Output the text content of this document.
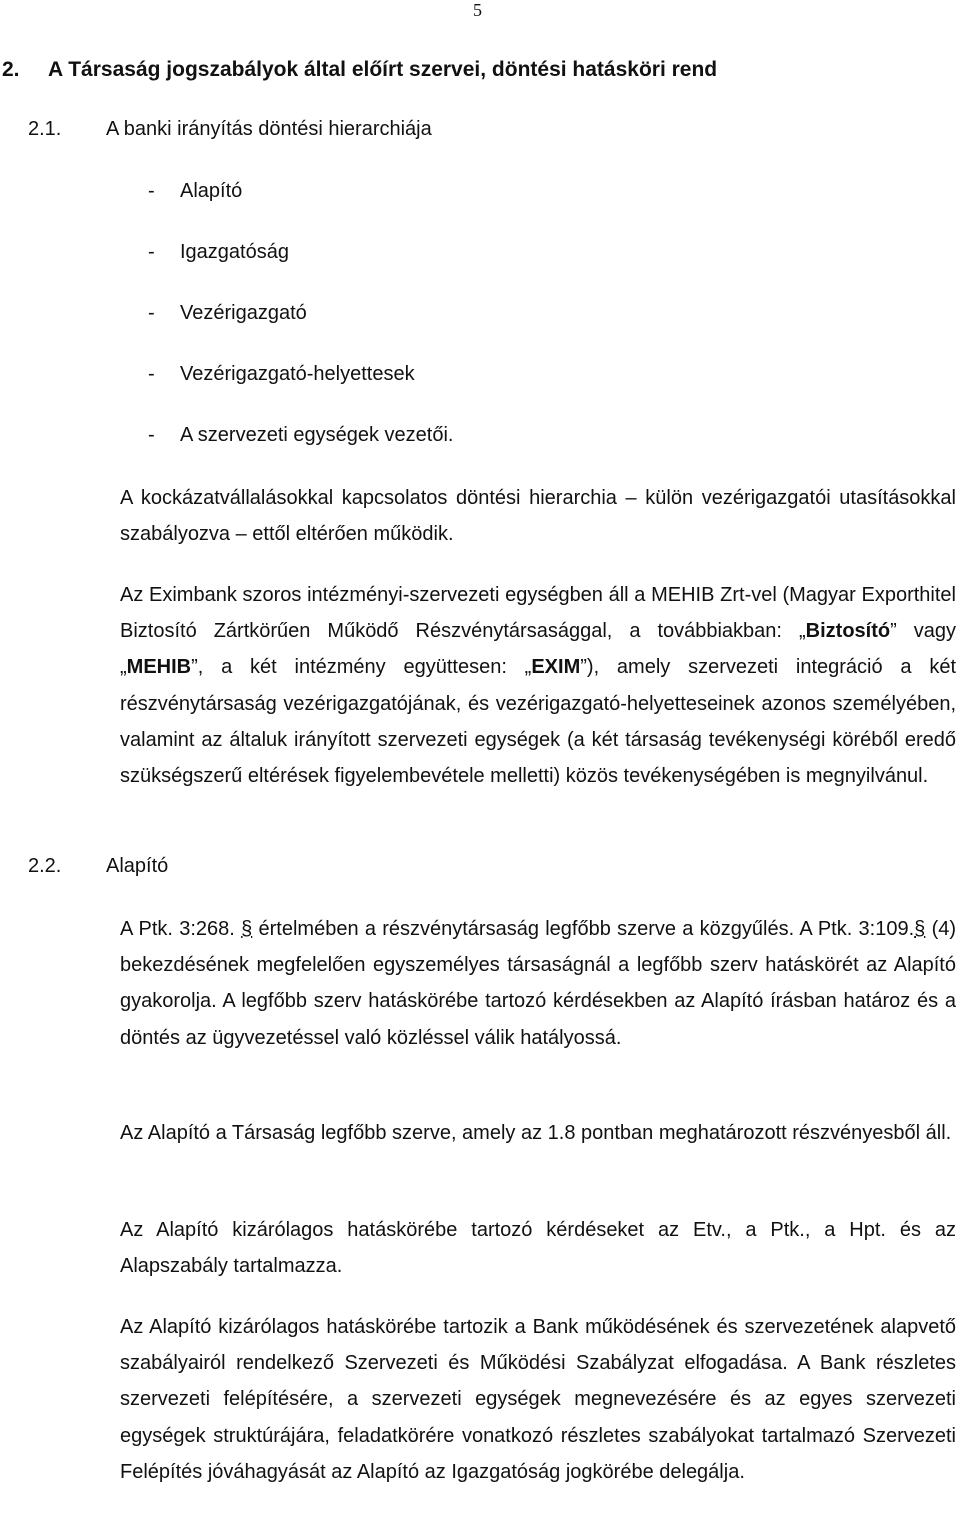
5
2. A Társaság jogszabályok által előírt szervei, döntési hatásköri rend
2.1. A banki irányítás döntési hierarchiája
- Alapító
- Igazgatóság
- Vezérigazgató
- Vezérigazgató-helyettesek
- A szervezeti egységek vezetői.
A kockázatvállalásokkal kapcsolatos döntési hierarchia – külön vezérigazgatói utasításokkal szabályozva – ettől eltérően működik.
Az Eximbank szoros intézményi-szervezeti egységben áll a MEHIB Zrt-vel (Magyar Exporthitel Biztosító Zártkörűen Működő Részvénytársasággal, a továbbiakban: „Biztosító” vagy „MEHIB”, a két intézmény együttesen: „EXIM”), amely szervezeti integráció a két részvénytársaság vezérigazgatójának, és vezérigazgató-helyetteseinek azonos személyében, valamint az általuk irányított szervezeti egységek (a két társaság tevékenységi köréből eredő szükségszerű eltérések figyelembevétele melletti) közös tevékenységében is megnyilvánul.
2.2. Alapító
A Ptk. 3:268. § értelmében a részvénytársaság legfőbb szerve a közgyűlés. A Ptk. 3:109.§ (4) bekezdésének megfelelően egyszemélyes társaságnál a legfőbb szerv hatáskörét az Alapító gyakorolja. A legfőbb szerv hatáskörébe tartozó kérdésekben az Alapító írásban határoz és a döntés az ügyvezetéssel való közléssel válik hatályossá.
Az Alapító a Társaság legfőbb szerve, amely az 1.8 pontban meghatározott részvényesből áll.
Az Alapító kizárólagos hatáskörébe tartozó kérdéseket az Etv., a Ptk., a Hpt. és az Alapszabály tartalmazza.
Az Alapító kizárólagos hatáskörébe tartozik a Bank működésének és szervezetének alapvető szabályairól rendelkező Szervezeti és Működési Szabályzat elfogadása. A Bank részletes szervezeti felépítésére, a szervezeti egységek megnevezésére és az egyes szervezeti egységek struktúrájára, feladatkörére vonatkozó részletes szabályokat tartalmazó Szervezeti Felépítés jóváhagyását az Alapító az Igazgatóság jogkörébe delegálja.
